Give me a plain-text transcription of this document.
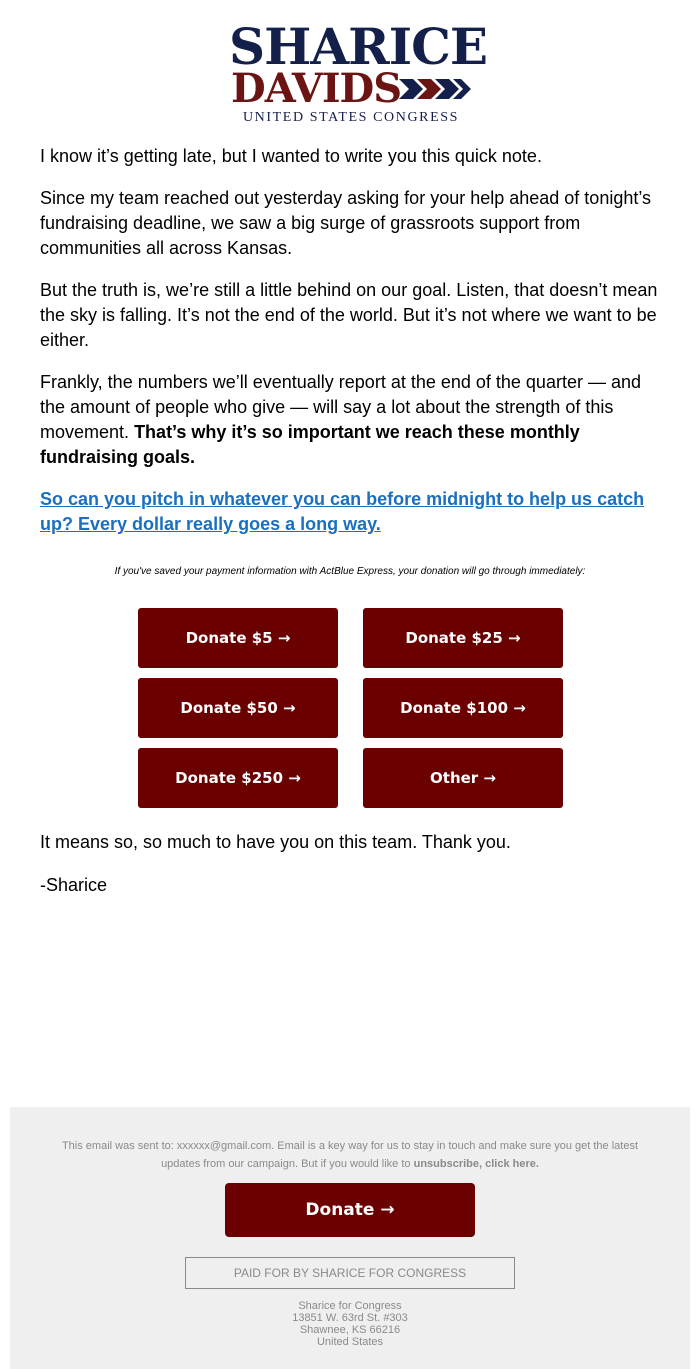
SHARICE
DAVIDS
UNITED STATES CONGRESS

I know it’s getting late, but I wanted to write you this quick note.

Since my team reached out yesterday asking for your help ahead of tonight’s fundraising deadline, we saw a big surge of grassroots support from communities all across Kansas.

But the truth is, we’re still a little behind on our goal. Listen, that doesn’t mean the sky is falling. It’s not the end of the world. But it’s not where we want to be either.

Frankly, the numbers we’ll eventually report at the end of the quarter — and the amount of people who give — will say a lot about the strength of this movement. That’s why it’s so important we reach these monthly fundraising goals.

So can you pitch in whatever you can before midnight to help us catch up? Every dollar really goes a long way.

If you've saved your payment information with ActBlue Express, your donation will go through immediately:
Donate $5 →	Donate $25 →
Donate $50 →	Donate $100 →
Donate $250 →	Other →

It means so, so much to have you on this team. Thank you.

-Sharice

This email was sent to: xxxxxx@gmail.com. Email is a key way for us to stay in touch and make sure you get the latest updates from our campaign. But if you would like to unsubscribe, click here.
Donate →
PAID FOR BY SHARICE FOR CONGRESS
Sharice for Congress
13851 W. 63rd St. #303
Shawnee, KS 66216
United States
